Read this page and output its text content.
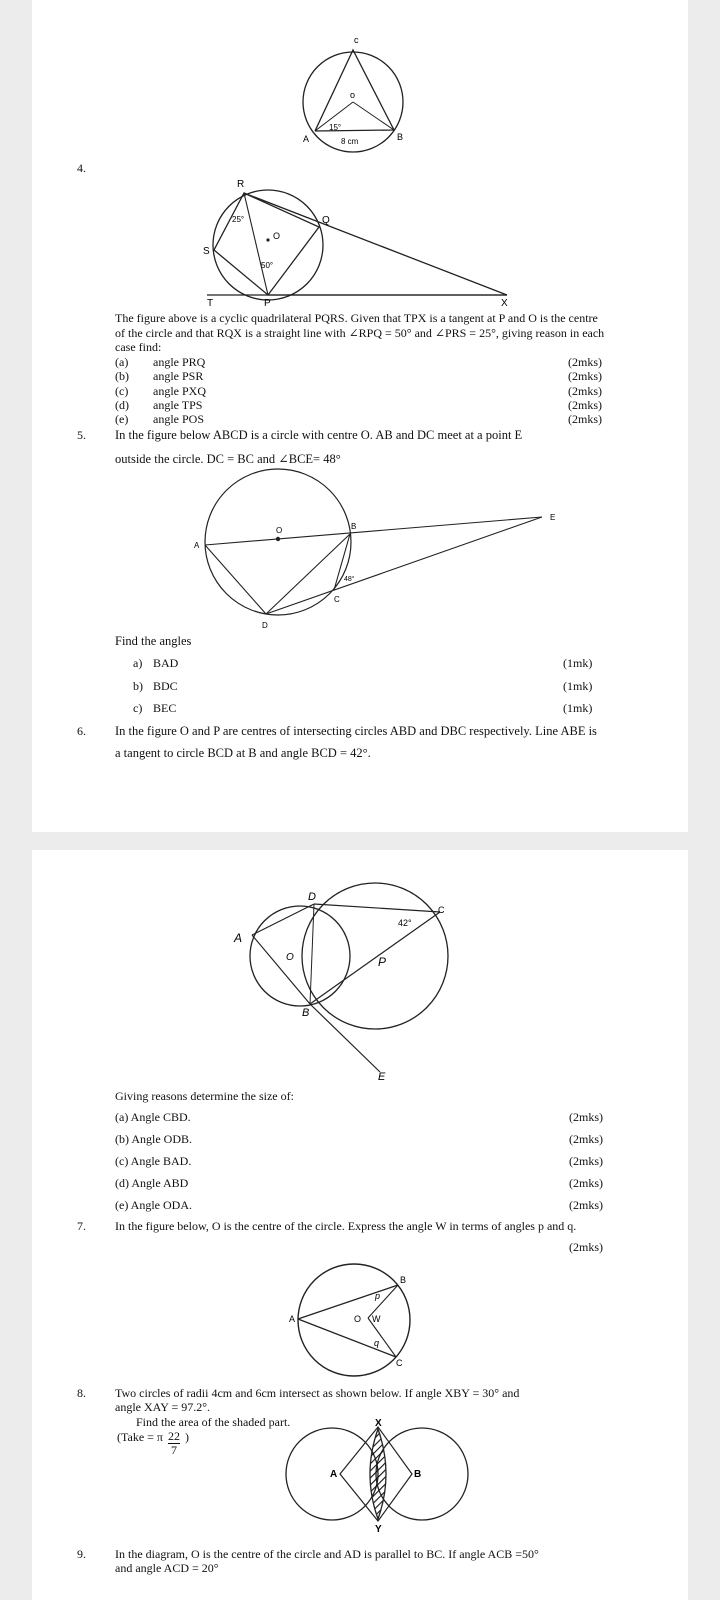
c
o
A	B
15°
8 cm
4.
R
S
Q
O
T	P	X
25°
50°
The figure above is a cyclic quadrilateral PQRS. Given that TPX is a tangent at P and O is the centre
of the circle and that RQX is a straight line with ∠RPQ = 50° and ∠PRS = 25°, giving reason in each
case find:
(a) angle PRQ	(2mks)
(b) angle PSR	(2mks)
(c) angle PXQ	(2mks)
(d) angle TPS	(2mks)
(e) angle POS	(2mks)
5. In the figure below ABCD is a circle with centre O. AB and DC meet at a point E
outside the circle. DC = BC and ∠BCE= 48°
O
A
B
E
C
D
48°
Find the angles
a) BAD	(1mk)
b) BDC	(1mk)
c) BEC	(1mk)
6. In the figure O and P are centres of intersecting circles ABD and DBC respectively. Line ABE is
a tangent to circle BCD at B and angle BCD = 42°.
D
A
C
O	P
B
E
42°
Giving reasons determine the size of:
(a) Angle CBD.	(2mks)
(b) Angle ODB.	(2mks)
(c) Angle BAD.	(2mks)
(d) Angle ABD	(2mks)
(e) Angle ODA.	(2mks)
7. In the figure below, O is the centre of the circle. Express the angle W in terms of angles p and q.
(2mks)
A
B
C
O W
p
q
8. Two circles of radii 4cm and 6cm intersect as shown below. If angle XBY = 30° and
angle XAY = 97.2°.
Find the area of the shaded part.
(Take = π $\frac{22}{7}$ )
X
Y
A	B
9. In the diagram, O is the centre of the circle and AD is parallel to BC. If angle ACB =50°
and angle ACD = 20°
